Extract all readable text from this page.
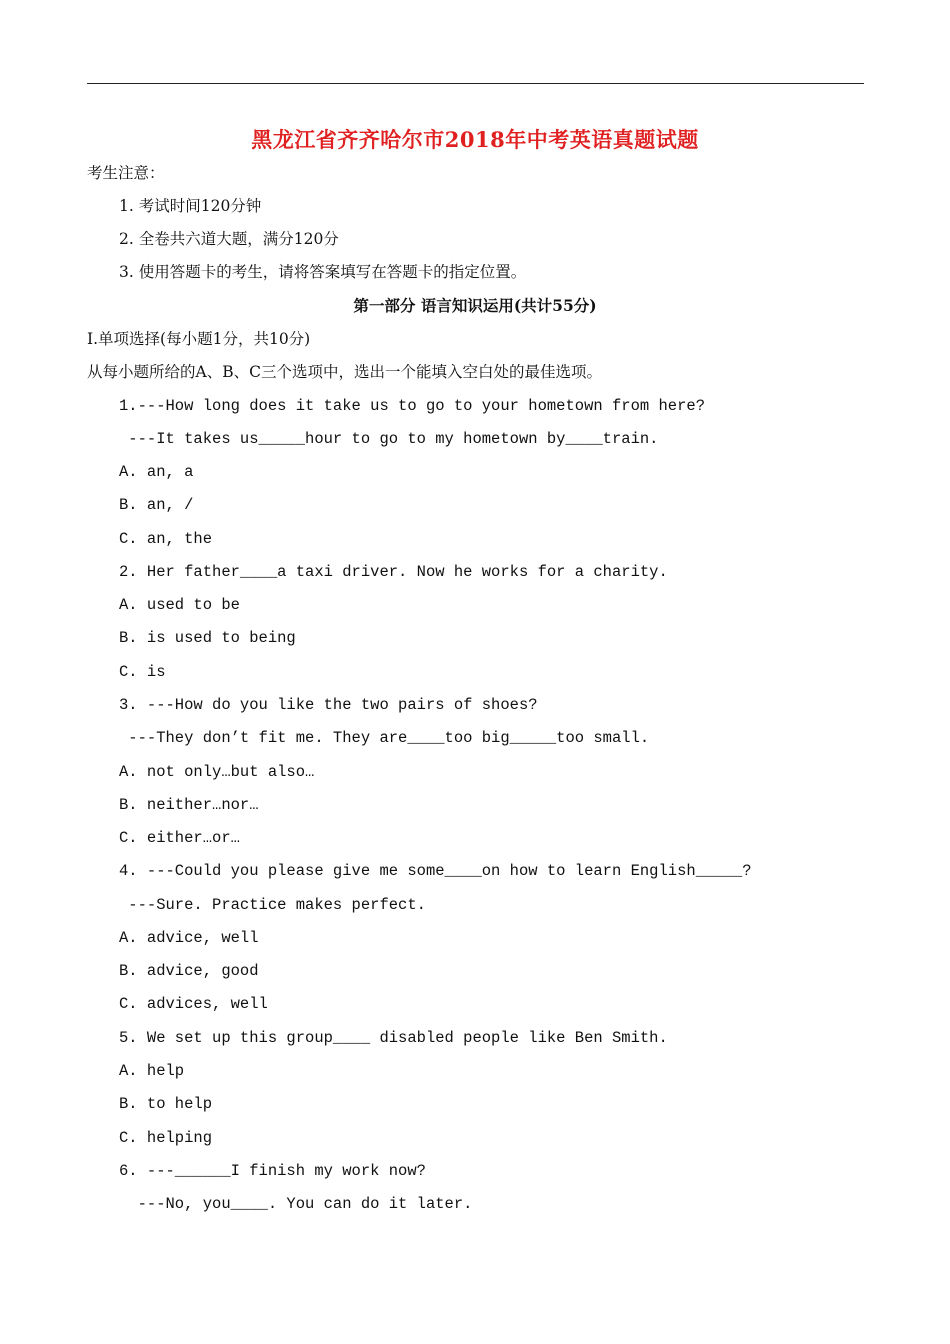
黑龙江省齐齐哈尔市2018年中考英语真题试题
考生注意：
1. 考试时间120分钟
2. 全卷共六道大题，满分120分
3. 使用答题卡的考生，请将答案填写在答题卡的指定位置。
第一部分 语言知识运用(共计55分)
Ⅰ.单项选择(每小题1分，共10分)
从每小题所给的A、B、C三个选项中，选出一个能填入空白处的最佳选项。
1.---How long does it take us to go to your hometown from here?
---It takes us_____hour to go to my hometown by____train.
A. an, a
B. an, /
C. an, the
2. Her father____a taxi driver. Now he works for a charity.
A. used to be
B. is used to being
C. is
3. ---How do you like the two pairs of shoes?
---They don’t fit me. They are____too big_____too small.
A. not only…but also…
B. neither…nor…
C. either…or…
4. ---Could you please give me some____on how to learn English_____?
---Sure. Practice makes perfect.
A. advice, well
B. advice, good
C. advices, well
5. We set up this group____ disabled people like Ben Smith.
A. help
B. to help
C. helping
6. ---______I finish my work now?
---No, you____. You can do it later.
